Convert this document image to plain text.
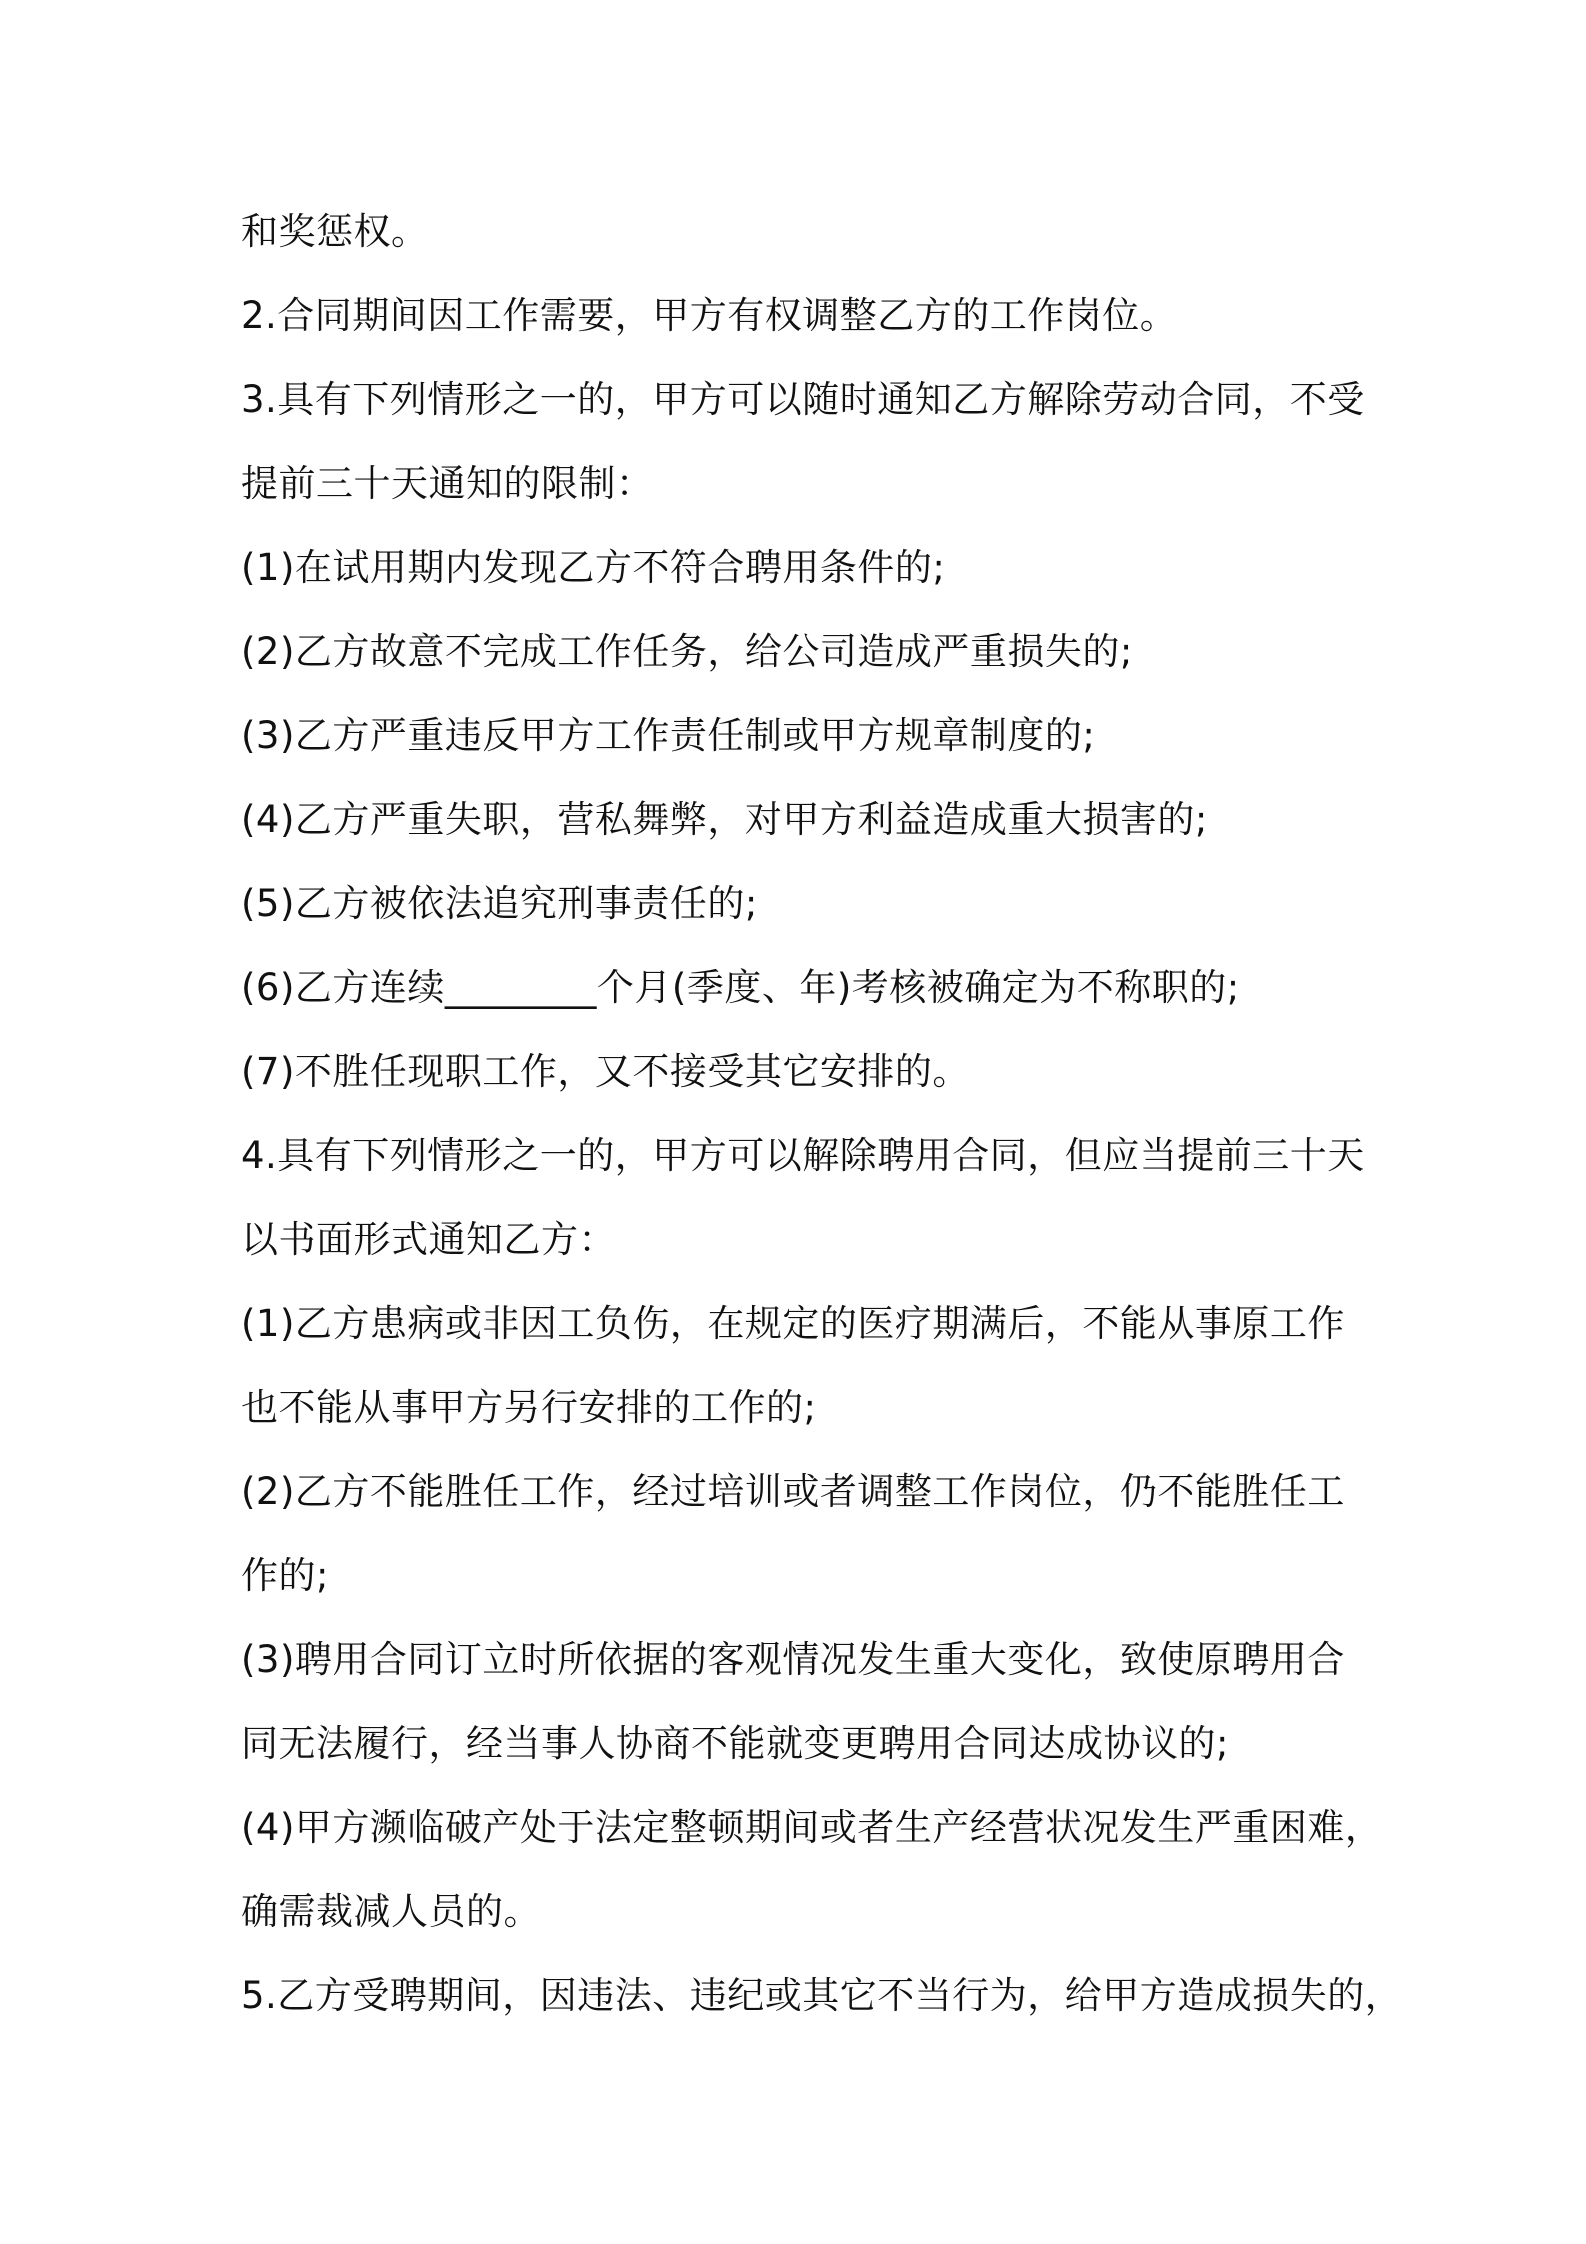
和奖惩权。
2.合同期间因工作需要，甲方有权调整乙方的工作岗位。
3.具有下列情形之一的，甲方可以随时通知乙方解除劳动合同，不受
提前三十天通知的限制：
(1)在试用期内发现乙方不符合聘用条件的;
(2)乙方故意不完成工作任务，给公司造成严重损失的;
(3)乙方严重违反甲方工作责任制或甲方规章制度的;
(4)乙方严重失职，营私舞弊，对甲方利益造成重大损害的;
(5)乙方被依法追究刑事责任的;
(6)乙方连续________个月(季度、年)考核被确定为不称职的;
(7)不胜任现职工作，又不接受其它安排的。
4.具有下列情形之一的，甲方可以解除聘用合同，但应当提前三十天
以书面形式通知乙方：
(1)乙方患病或非因工负伤，在规定的医疗期满后，不能从事原工作
也不能从事甲方另行安排的工作的;
(2)乙方不能胜任工作，经过培训或者调整工作岗位，仍不能胜任工
作的;
(3)聘用合同订立时所依据的客观情况发生重大变化，致使原聘用合
同无法履行，经当事人协商不能就变更聘用合同达成协议的;
(4)甲方濒临破产处于法定整顿期间或者生产经营状况发生严重困难，
确需裁减人员的。
5.乙方受聘期间，因违法、违纪或其它不当行为，给甲方造成损失的，
